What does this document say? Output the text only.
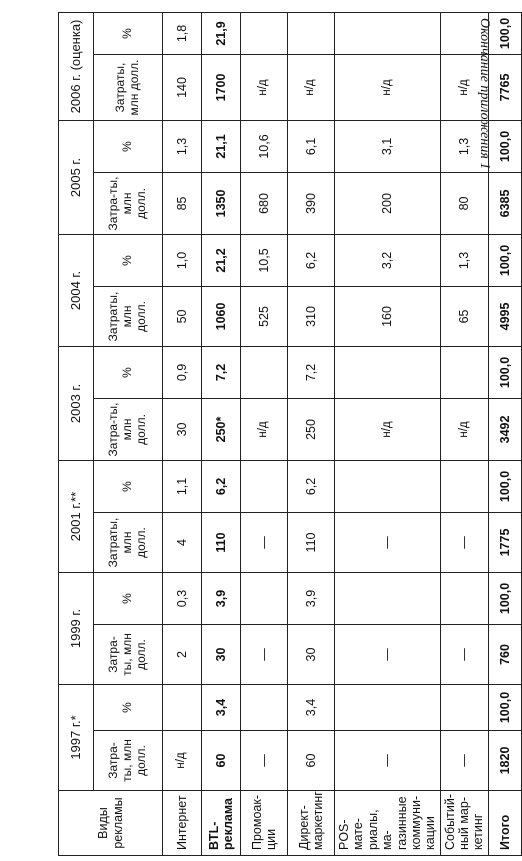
Окончание приложения 1
Виды рекламы	1997 г.*		1999 г.		2001 г.**		2003 г.		2004 г.		2005 г.		2006 г. (оценка)	
	Затра-ты, млн долл.	%	Затра-ты, млн долл.	%	Затраты, млн долл.	%	Затра-ты, млн долл.	%	Затраты, млн долл.	%	Затра-ты, млн долл.	%	Затраты, млн долл.	%
Интернет	н/д		2	0,3	4	1,1	30	0,9	50	1,0	85	1,3	140	1,8
BTL-реклама	60	3,4	30	3,9	110	6,2	250*	7,2	1060	21,2	1350	21,1	1700	21,9
Промоак-ции	—		—		—		н/д		525	10,5	680	10,6	н/д	
Директ-маркетинг	60	3,4	30	3,9	110	6,2	250	7,2	310	6,2	390	6,1	н/д	
POS-мате-риалы, ма-газинные коммуни-кации	—		—		—		н/д		160	3,2	200	3,1	н/д	
Событий-ный мар-кетинг	—		—		—		н/д		65	1,3	80	1,3	н/д	
Итого	1820	100,0	760	100,0	1775	100,0	3492	100,0	4995	100,0	6385	100,0	7765	100,0
